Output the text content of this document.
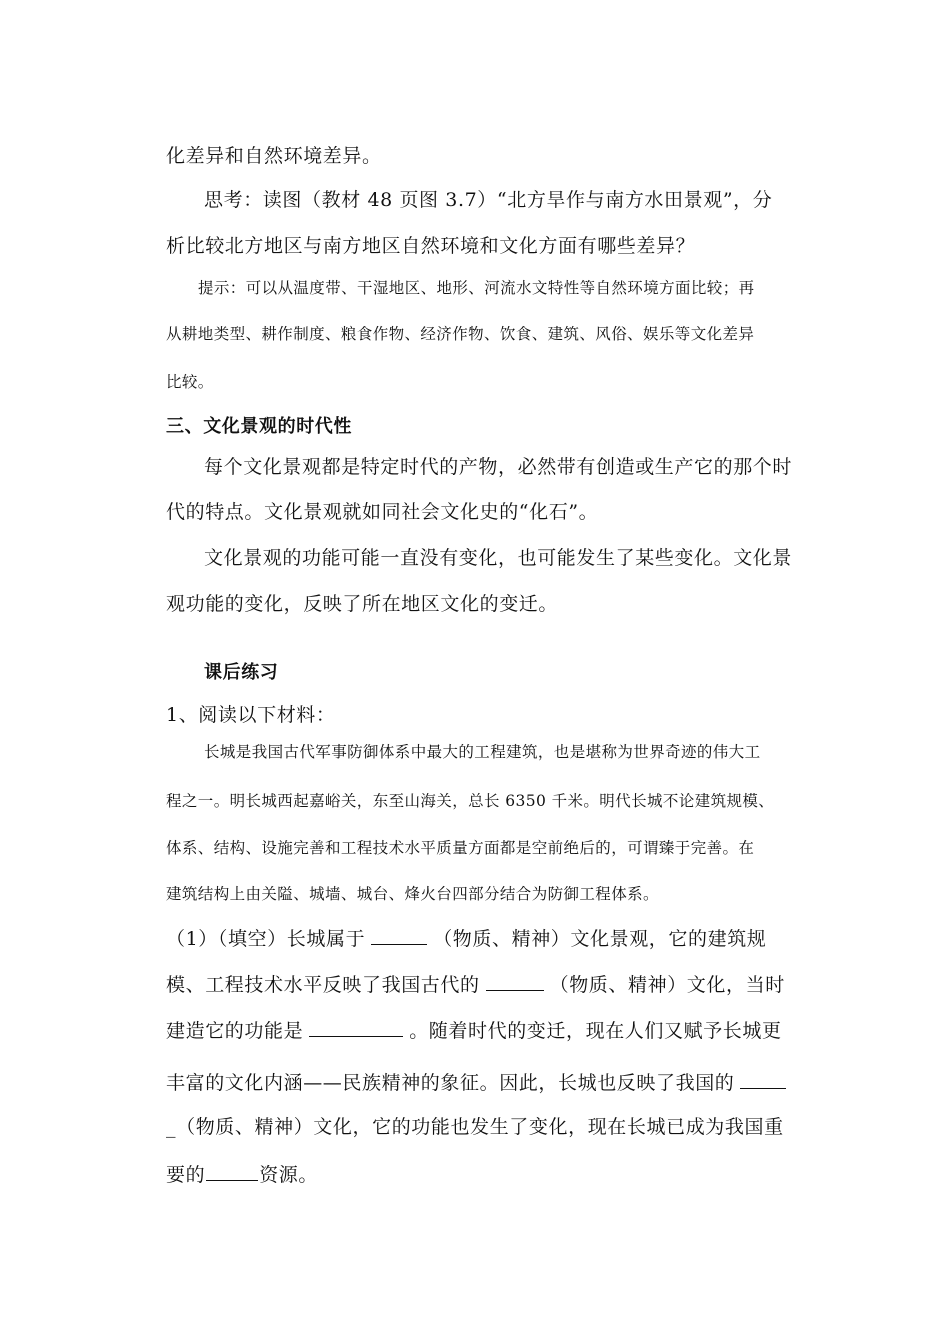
化差异和自然环境差异。

思考：读图（教材 48 页图 3.7）“北方旱作与南方水田景观”，分

析比较北方地区与南方地区自然环境和文化方面有哪些差异？

提示：可以从温度带、干湿地区、地形、河流水文特性等自然环境方面比较；再

从耕地类型、耕作制度、粮食作物、经济作物、饮食、建筑、风俗、娱乐等文化差异

比较。

三、文化景观的时代性

每个文化景观都是特定时代的产物，必然带有创造或生产它的那个时

代的特点。文化景观就如同社会文化史的“化石”。

文化景观的功能可能一直没有变化，也可能发生了某些变化。文化景

观功能的变化，反映了所在地区文化的变迁。

课后练习

1、阅读以下材料：

长城是我国古代军事防御体系中最大的工程建筑，也是堪称为世界奇迹的伟大工

程之一。明长城西起嘉峪关，东至山海关，总长 6350 千米。明代长城不论建筑规模、

体系、结构、设施完善和工程技术水平质量方面都是空前绝后的，可谓臻于完善。在

建筑结构上由关隘、城墙、城台、烽火台四部分结合为防御工程体系。

（1）（填空）长城属于	（物质、精神）文化景观，它的建筑规

模、工程技术水平反映了我国古代的	（物质、精神）文化，当时

建造它的功能是	。随着时代的变迁，现在人们又赋予长城更

丰富的文化内涵——民族精神的象征。因此，长城也反映了我国的

_（物质、精神）文化，它的功能也发生了变化，现在长城已成为我国重

要的	资源。
